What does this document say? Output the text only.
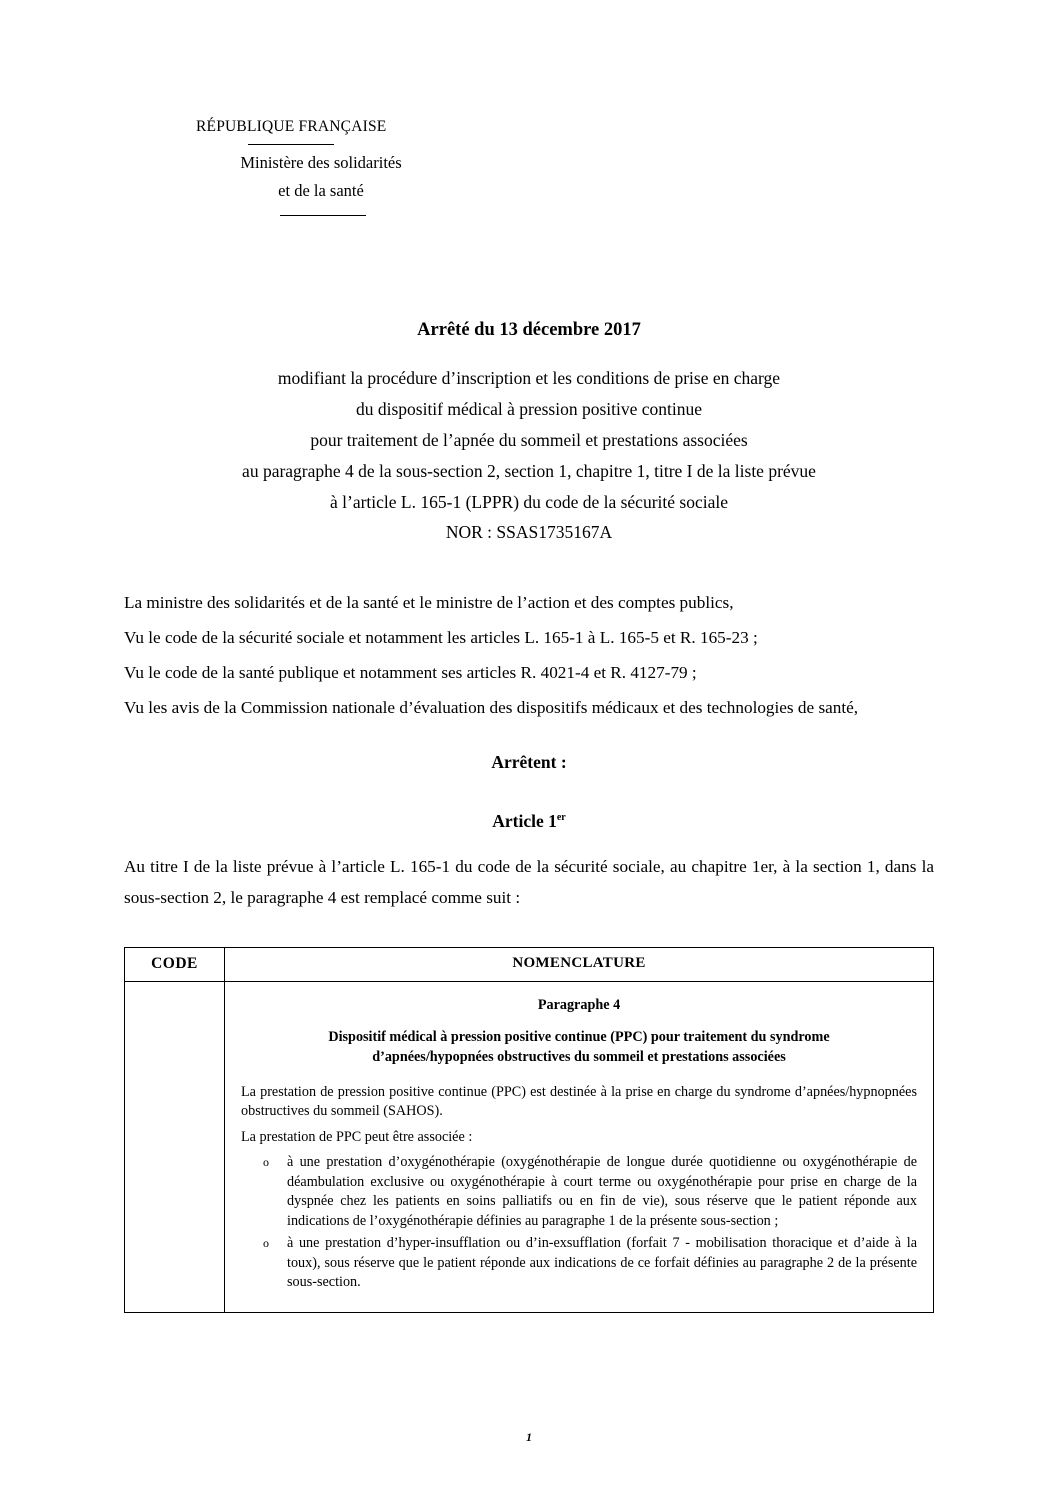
RÉPUBLIQUE FRANÇAISE
Ministère des solidarités
et de la santé
Arrêté du 13 décembre 2017
modifiant la procédure d’inscription et les conditions de prise en charge
du dispositif médical à pression positive continue
pour traitement de l’apnée du sommeil et prestations associées
au paragraphe 4 de la sous-section 2, section 1, chapitre 1, titre I de la liste prévue
à l’article L. 165-1 (LPPR) du code de la sécurité sociale
NOR : SSAS1735167A

La ministre des solidarités et de la santé et le ministre de l’action et des comptes publics,

Vu le code de la sécurité sociale et notamment les articles L. 165-1 à L. 165-5 et R. 165-23 ;

Vu le code de la santé publique et notamment ses articles R. 4021-4 et R. 4127-79 ;

Vu les avis de la Commission nationale d’évaluation des dispositifs médicaux et des technologies de santé,

Arrêtent :
Article 1er

Au titre I de la liste prévue à l’article L. 165-1 du code de la sécurité sociale, au chapitre 1er, à la section 1, dans la sous-section 2, le paragraphe 4 est remplacé comme suit :

CODE	NOMENCLATURE

Paragraphe 4
Dispositif médical à pression positive continue (PPC) pour traitement du syndrome
d’apnées/hypopnées obstructives du sommeil et prestations associées

La prestation de pression positive continue (PPC) est destinée à la prise en charge du syndrome d’apnées/hypnopnées obstructives du sommeil (SAHOS).

La prestation de PPC peut être associée :

o à une prestation d’oxygénothérapie (oxygénothérapie de longue durée quotidienne ou oxygénothérapie de déambulation exclusive ou oxygénothérapie à court terme ou oxygénothérapie pour prise en charge de la dyspnée chez les patients en soins palliatifs ou en fin de vie), sous réserve que le patient réponde aux indications de l’oxygénothérapie définies au paragraphe 1 de la présente sous-section ;
o à une prestation d’hyper-insufflation ou d’in-exsufflation (forfait 7 - mobilisation thoracique et d’aide à la toux), sous réserve que le patient réponde aux indications de ce forfait définies au paragraphe 2 de la présente sous-section.
1
